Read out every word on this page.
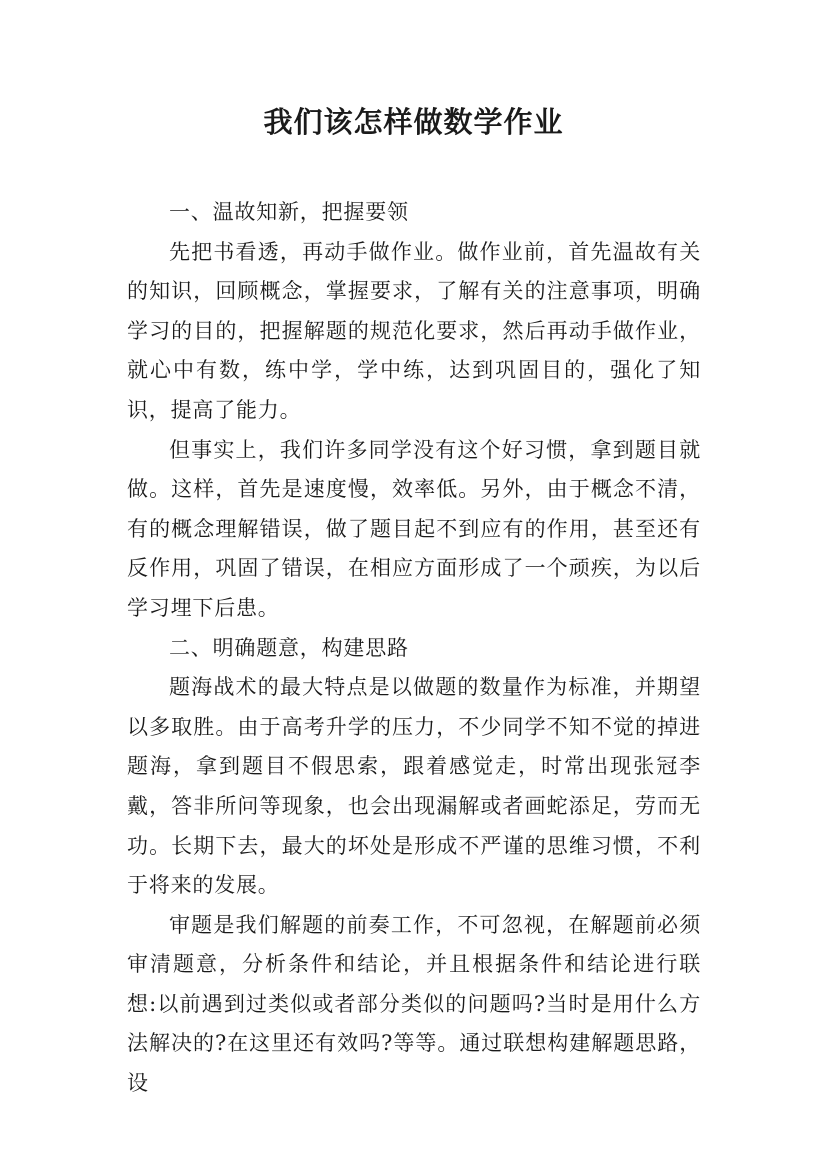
我们该怎样做数学作业

一、温故知新，把握要领

先把书看透，再动手做作业。做作业前，首先温故有关的知识，回顾概念，掌握要求，了解有关的注意事项，明确学习的目的，把握解题的规范化要求，然后再动手做作业，就心中有数，练中学，学中练，达到巩固目的，强化了知识，提高了能力。

但事实上，我们许多同学没有这个好习惯，拿到题目就做。这样，首先是速度慢，效率低。另外，由于概念不清，有的概念理解错误，做了题目起不到应有的作用，甚至还有反作用，巩固了错误，在相应方面形成了一个顽疾，为以后学习埋下后患。

二、明确题意，构建思路

题海战术的最大特点是以做题的数量作为标准，并期望以多取胜。由于高考升学的压力，不少同学不知不觉的掉进题海，拿到题目不假思索，跟着感觉走，时常出现张冠李戴，答非所问等现象，也会出现漏解或者画蛇添足，劳而无功。长期下去，最大的坏处是形成不严谨的思维习惯，不利于将来的发展。

审题是我们解题的前奏工作，不可忽视，在解题前必须审清题意，分析条件和结论，并且根据条件和结论进行联想:以前遇到过类似或者部分类似的问题吗?当时是用什么方法解决的?在这里还有效吗?等等。通过联想构建解题思路，设
